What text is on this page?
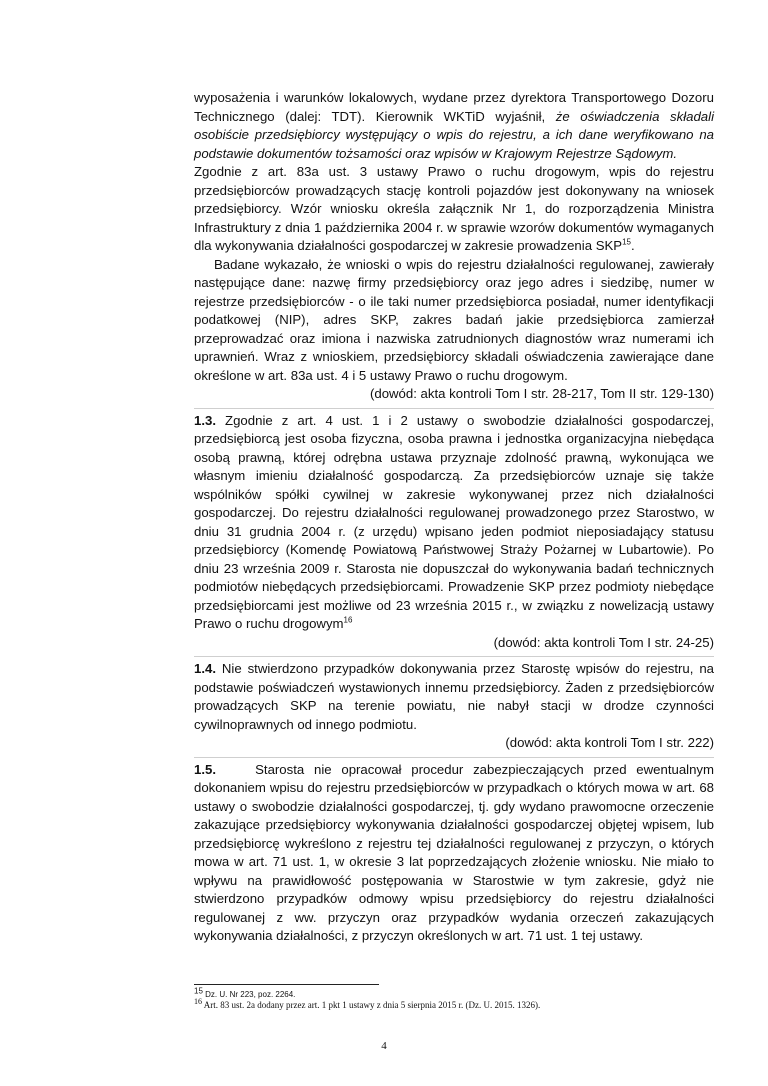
wyposażenia i warunków lokalowych, wydane przez dyrektora Transportowego Dozoru Technicznego (dalej: TDT). Kierownik WKTiD wyjaśnił, że oświadczenia składali osobiście przedsiębiorcy występujący o wpis do rejestru, a ich dane weryfikowano na podstawie dokumentów tożsamości oraz wpisów w Krajowym Rejestrze Sądowym.

Zgodnie z art. 83a ust. 3 ustawy Prawo o ruchu drogowym, wpis do rejestru przedsiębiorców prowadzących stację kontroli pojazdów jest dokonywany na wniosek przedsiębiorcy. Wzór wniosku określa załącznik Nr 1, do rozporządzenia Ministra Infrastruktury z dnia 1 października 2004 r. w sprawie wzorów dokumentów wymaganych dla wykonywania działalności gospodarczej w zakresie prowadzenia SKP$^{15}$.

Badane wykazało, że wnioski o wpis do rejestru działalności regulowanej, zawierały następujące dane: nazwę firmy przedsiębiorcy oraz jego adres i siedzibę, numer w rejestrze przedsiębiorców - o ile taki numer przedsiębiorca posiadał, numer identyfikacji podatkowej (NIP), adres SKP, zakres badań jakie przedsiębiorca zamierzał przeprowadzać oraz imiona i nazwiska zatrudnionych diagnostów wraz numerami ich uprawnień. Wraz z wnioskiem, przedsiębiorcy składali oświadczenia zawierające dane określone w art. 83a ust. 4 i 5 ustawy Prawo o ruchu drogowym.

(dowód: akta kontroli Tom I str. 28-217, Tom II str. 129-130)

1.3. Zgodnie z art. 4 ust. 1 i 2 ustawy o swobodzie działalności gospodarczej, przedsiębiorcą jest osoba fizyczna, osoba prawna i jednostka organizacyjna niebędąca osobą prawną, której odrębna ustawa przyznaje zdolność prawną, wykonująca we własnym imieniu działalność gospodarczą. Za przedsiębiorców uznaje się także wspólników spółki cywilnej w zakresie wykonywanej przez nich działalności gospodarczej. Do rejestru działalności regulowanej prowadzonego przez Starostwo, w dniu 31 grudnia 2004 r. (z urzędu) wpisano jeden podmiot nieposiadający statusu przedsiębiorcy (Komendę Powiatową Państwowej Straży Pożarnej w Lubartowie). Po dniu 23 września 2009 r. Starosta nie dopuszczał do wykonywania badań technicznych podmiotów niebędących przedsiębiorcami. Prowadzenie SKP przez podmioty niebędące przedsiębiorcami jest możliwe od 23 września 2015 r., w związku z nowelizacją ustawy Prawo o ruchu drogowym$^{16}$

(dowód: akta kontroli Tom I str. 24-25)

1.4. Nie stwierdzono przypadków dokonywania przez Starostę wpisów do rejestru, na podstawie poświadczeń wystawionych innemu przedsiębiorcy. Żaden z przedsiębiorców prowadzących SKP na terenie powiatu, nie nabył stacji w drodze czynności cywilnoprawnych od innego podmiotu.

(dowód: akta kontroli Tom I str. 222)

1.5.	Starosta nie opracował procedur zabezpieczających przed ewentualnym dokonaniem wpisu do rejestru przedsiębiorców w przypadkach o których mowa w art. 68 ustawy o swobodzie działalności gospodarczej, tj. gdy wydano prawomocne orzeczenie zakazujące przedsiębiorcy wykonywania działalności gospodarczej objętej wpisem, lub przedsiębiorcę wykreślono z rejestru tej działalności regulowanej z przyczyn, o których mowa w art. 71 ust. 1, w okresie 3 lat poprzedzających złożenie wniosku. Nie miało to wpływu na prawidłowość postępowania w Starostwie w tym zakresie, gdyż nie stwierdzono przypadków odmowy wpisu przedsiębiorcy do rejestru działalności regulowanej z ww. przyczyn oraz przypadków wydania orzeczeń zakazujących wykonywania działalności, z przyczyn określonych w art. 71 ust. 1 tej ustawy.

$^{15}$ Dz. U. Nr 223, poz. 2264.
$^{16}$ Art. 83 ust. 2a dodany przez art. 1 pkt 1 ustawy z dnia 5 sierpnia 2015 r. (Dz. U. 2015. 1326).
4
